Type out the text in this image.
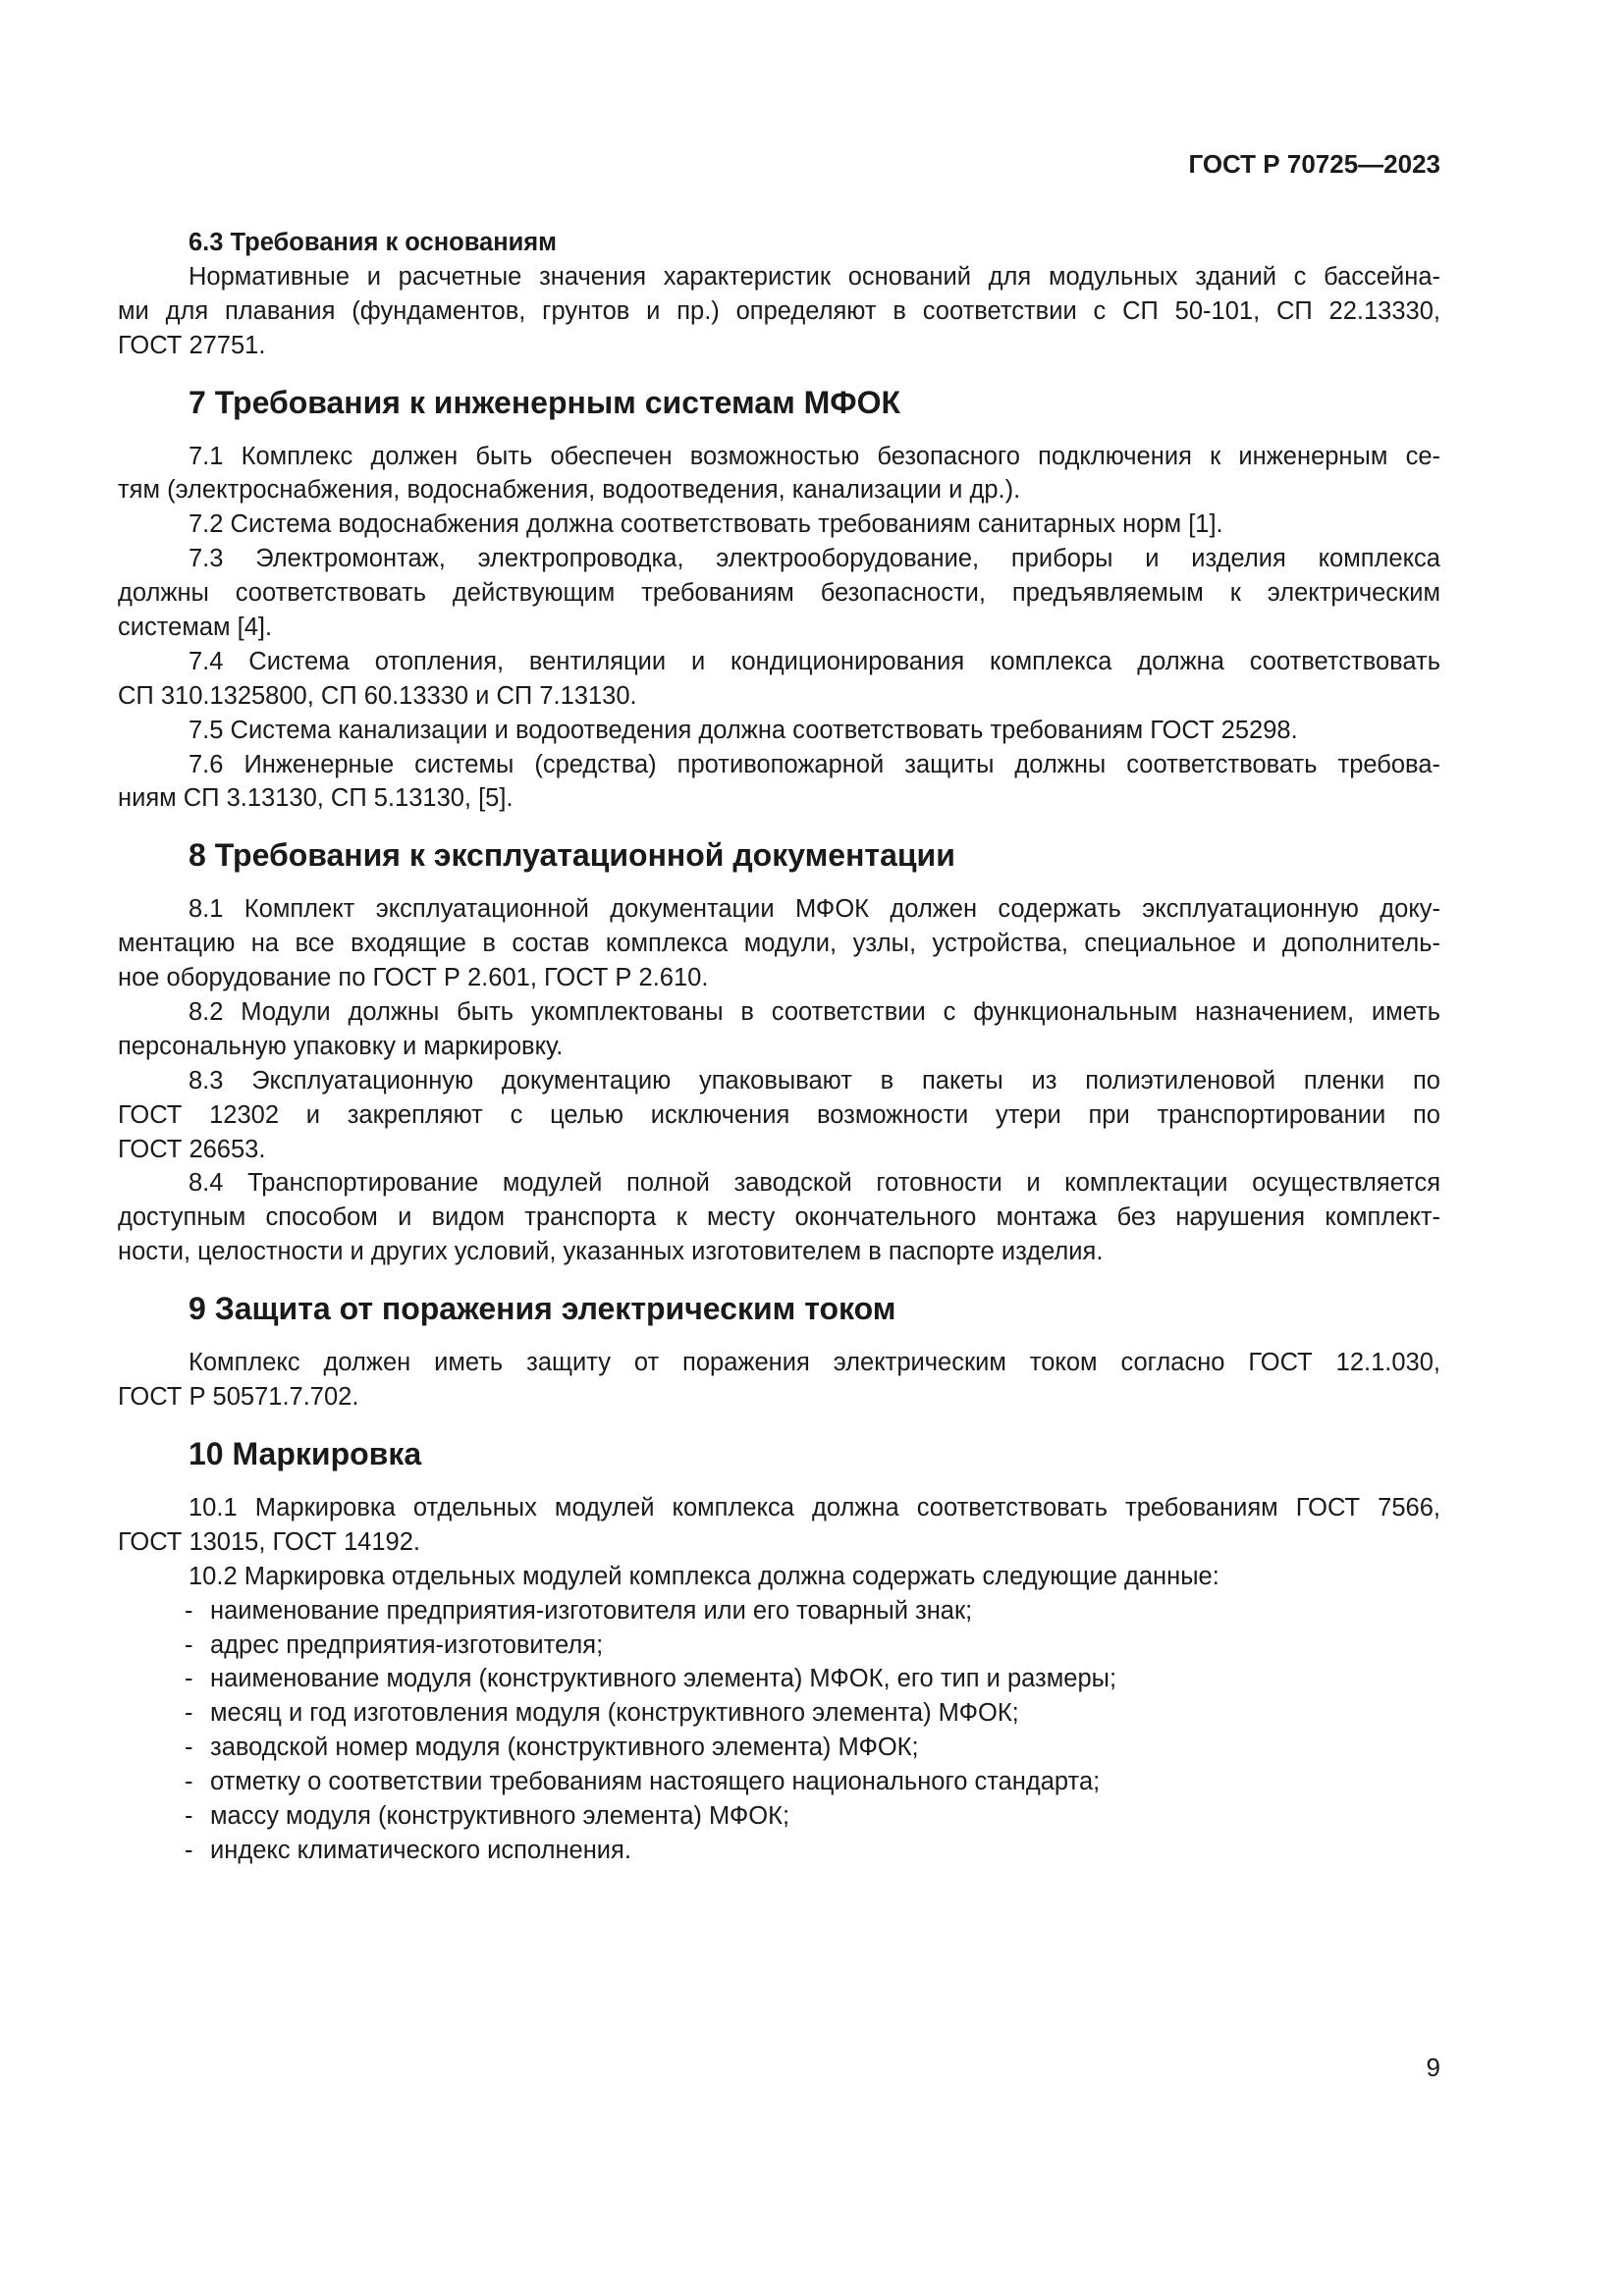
ГОСТ Р 70725—2023
6.3 Требования к основаниям
Нормативные и расчетные значения характеристик оснований для модульных зданий с бассейна-
ми для плавания (фундаментов, грунтов и пр.) определяют в соответствии с СП 50-101, СП 22.13330,
ГОСТ 27751.
7 Требования к инженерным системам МФОК
7.1 Комплекс должен быть обеспечен возможностью безопасного подключения к инженерным се-
тям (электроснабжения, водоснабжения, водоотведения, канализации и др.).
7.2 Система водоснабжения должна соответствовать требованиям санитарных норм [1].
7.3 Электромонтаж, электропроводка, электрооборудование, приборы и изделия комплекса
должны соответствовать действующим требованиям безопасности, предъявляемым к электрическим
системам [4].
7.4 Система отопления, вентиляции и кондиционирования комплекса должна соответствовать
СП 310.1325800, СП 60.13330 и СП 7.13130.
7.5 Система канализации и водоотведения должна соответствовать требованиям ГОСТ 25298.
7.6 Инженерные системы (средства) противопожарной защиты должны соответствовать требова-
ниям СП 3.13130, СП 5.13130, [5].
8 Требования к эксплуатационной документации
8.1 Комплект эксплуатационной документации МФОК должен содержать эксплуатационную доку-
ментацию на все входящие в состав комплекса модули, узлы, устройства, специальное и дополнитель-
ное оборудование по ГОСТ Р 2.601, ГОСТ Р 2.610.
8.2 Модули должны быть укомплектованы в соответствии с функциональным назначением, иметь
персональную упаковку и маркировку.
8.3 Эксплуатационную документацию упаковывают в пакеты из полиэтиленовой пленки по
ГОСТ 12302 и закрепляют с целью исключения возможности утери при транспортировании по
ГОСТ 26653.
8.4 Транспортирование модулей полной заводской готовности и комплектации осуществляется
доступным способом и видом транспорта к месту окончательного монтажа без нарушения комплект-
ности, целостности и других условий, указанных изготовителем в паспорте изделия.
9 Защита от поражения электрическим током
Комплекс должен иметь защиту от поражения электрическим током согласно ГОСТ 12.1.030,
ГОСТ Р 50571.7.702.
10 Маркировка
10.1 Маркировка отдельных модулей комплекса должна соответствовать требованиям ГОСТ 7566,
ГОСТ 13015, ГОСТ 14192.
10.2 Маркировка отдельных модулей комплекса должна содержать следующие данные:
- наименование предприятия-изготовителя или его товарный знак;
- адрес предприятия-изготовителя;
- наименование модуля (конструктивного элемента) МФОК, его тип и размеры;
- месяц и год изготовления модуля (конструктивного элемента) МФОК;
- заводской номер модуля (конструктивного элемента) МФОК;
- отметку о соответствии требованиям настоящего национального стандарта;
- массу модуля (конструктивного элемента) МФОК;
- индекс климатического исполнения.
9
